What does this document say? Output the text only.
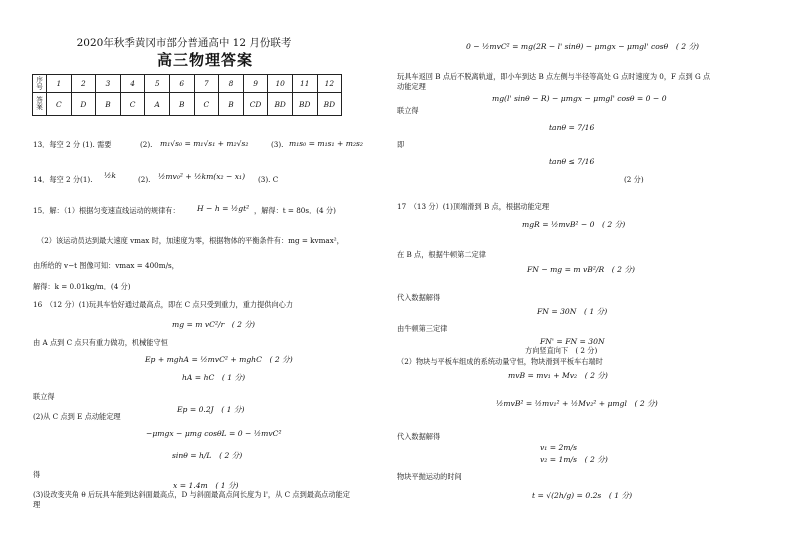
2020年秋季黄冈市部分普通高中 12 月份联考
高三物理答案
序号	1	2	3	4	5	6	7	8	9	10	11	12
答案	C	D	B	C	A	B	C	B	CD	BD	BD	BD
13．每空 2 分 (1). 需要	(2). m₁√s₀ = m₁√s₁ + m₂√s₂	(3). m₁s₀ = m₁s₁ + m₂s₂
14．每空 2 分(1). ½k	(2). ½mv₀² + ½km(x₂ − x₁) (3). C
15．解：（1）根据匀变速直线运动的规律有： H − h = ½gt² ，解得：t = 80s．(4 分)
（2）该运动员达到最大速度 vmax 时，加速度为零，根据物体的平衡条件有：mg = kvmax²，
由所给的 v−t 图像可知：vmax = 400m/s，
解得：k = 0.01kg/m．(4 分)
16　（12 分）(1)玩具车恰好通过最高点，即在 C 点只受到重力，重力提供向心力
mg = m vC²/r　( 2 分)
由 A 点到 C 点只有重力做功，机械能守恒
Ep + mghA = ½mvC² + mghC　( 2 分)
hA = hC　( 1 分)
联立得
Ep = 0.2J　( 1 分)
(2)从 C 点到 E 点动能定理
−μmgx − μmg cosθL = 0 − ½mvC²
sinθ = h/L　( 2 分)
得
x = 1.4m　( 1 分)
(3)设改变夹角 θ 后玩具车能到达斜面最高点，D 与斜面最高点间长度为 l'，从 C 点到最高点动能定
理
0 − ½mvC² = mg(2R − l' sinθ) − μmgx − μmgl' cosθ　( 2 分)
玩具车返回 B 点后不脱离轨道，即小车到达 B 点左侧与半径等高处 G 点时速度为 0，F 点到 G 点
动能定理
mg(l' sinθ − R) − μmgx − μmgl' cosθ = 0 − 0
联立得
tanθ = 7/16
即
tanθ ≤ 7/16
(2 分)
17　（13 分）(1)顶端滑到 B 点，根据动能定理
mgR = ½mvB² − 0　( 2 分)
在 B 点，根据牛顿第二定律
FN − mg = m vB²/R　( 2 分)
代入数据解得
FN = 30N　( 1 分)
由牛顿第三定律
FN' = FN = 30N
方向竖直向下　( 2 分)
（2）物块与平板车组成的系统动量守恒，物块滑到平板车右端时
mvB = mv₁ + Mv₂　( 2 分)
½mvB² = ½mv₁² + ½Mv₂² + μmgl　( 2 分)
代入数据解得
v₁ = 2m/s
v₂ = 1m/s　( 2 分)
物块平抛运动的时间
t = √(2h/g) = 0.2s　( 1 分)
